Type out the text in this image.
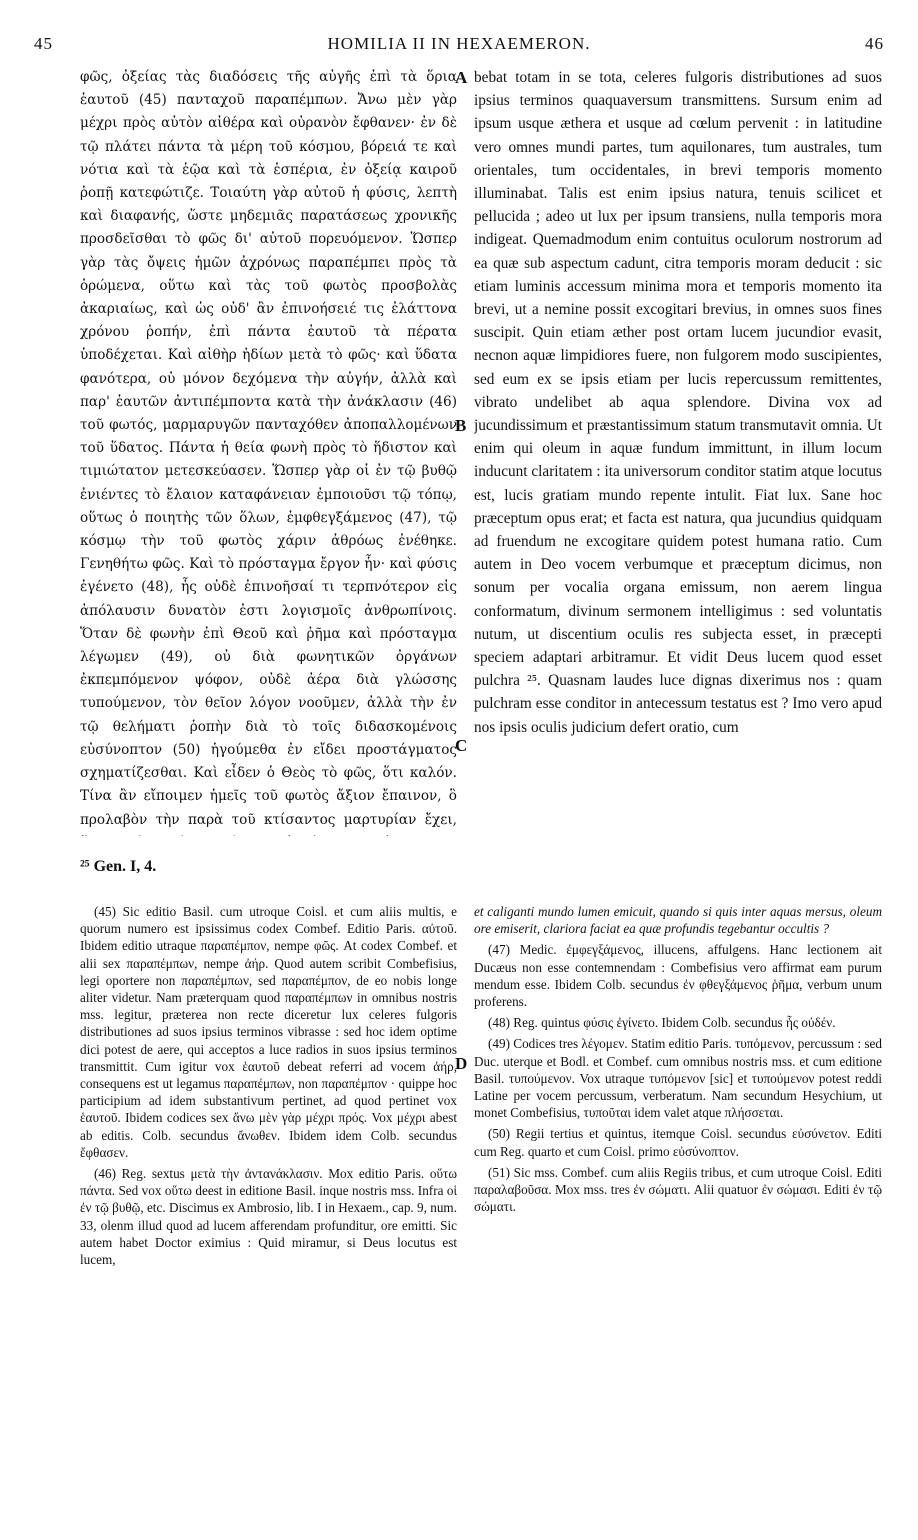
45	HOMILIA II IN HEXAEMERON.	46

φῶς, ὀξείας τὰς διαδόσεις τῆς αὐγῆς ἐπὶ τὰ ὅρια ἑαυτοῦ (45) πανταχοῦ παραπέμπων. Ἄνω μὲν γὰρ μέχρι πρὸς αὐτὸν αἰθέρα καὶ οὐρανὸν ἔφθανεν· ἐν δὲ τῷ πλάτει πάντα τὰ μέρη τοῦ κόσμου, βόρειά τε καὶ νότια καὶ τὰ ἑῷα καὶ τὰ ἑσπέρια, ἐν ὀξείᾳ καιροῦ ῥοπῇ κατεφώτιζε. Τοιαύτη γὰρ αὐτοῦ ἡ φύσις, λεπτὴ καὶ διαφανής, ὥστε μηδεμιᾶς παρατάσεως χρονικῆς προσδεῖσθαι τὸ φῶς δι' αὐτοῦ πορευόμενον. Ὥσπερ γὰρ τὰς ὄψεις ἡμῶν ἀχρόνως παραπέμπει πρὸς τὰ ὁρώμενα, οὕτω καὶ τὰς τοῦ φωτὸς προσβολὰς ἀκαριαίως, καὶ ὡς οὐδ' ἂν ἐπινοήσειέ τις ἐλάττονα χρόνου ῥοπήν, ἐπὶ πάντα ἑαυτοῦ τὰ πέρατα ὑποδέχεται. Καὶ αἰθὴρ ἡδίων μετὰ τὸ φῶς· καὶ ὕδατα φανότερα, οὐ μόνον δεχόμενα τὴν αὐγήν, ἀλλὰ καὶ παρ' ἑαυτῶν ἀντιπέμποντα κατὰ τὴν ἀνάκλασιν (46) τοῦ φωτός, μαρμαρυγῶν πανταχόθεν ἀποπαλλομένων τοῦ ὕδατος. Πάντα ἡ θεία φωνὴ πρὸς τὸ ἥδιστον καὶ τιμιώτατον μετεσκεύασεν. Ὥσπερ γὰρ οἱ ἐν τῷ βυθῷ ἐνιέντες τὸ ἔλαιον καταφάνειαν ἐμποιοῦσι τῷ τόπῳ, οὕτως ὁ ποιητὴς τῶν ὅλων, ἐμφθεγξάμενος (47), τῷ κόσμῳ τὴν τοῦ φωτὸς χάριν ἀθρόως ἐνέθηκε. Γενηθήτω φῶς. Καὶ τὸ πρόσταγμα ἔργον ἦν· καὶ φύσις ἐγένετο (48), ἧς οὐδὲ ἐπινοῆσαί τι τερπνότερον εἰς ἀπόλαυσιν δυνατὸν ἐστι λογισμοῖς ἀνθρωπίνοις. Ὅταν δὲ φωνὴν ἐπὶ Θεοῦ καὶ ῥῆμα καὶ πρόσταγμα λέγωμεν (49), οὐ διὰ φωνητικῶν ὀργάνων ἐκπεμπόμενον ψόφον, οὐδὲ ἀέρα διὰ γλώσσης τυπούμενον, τὸν θεῖον λόγον νοοῦμεν, ἀλλὰ τὴν ἐν τῷ θελήματι ῥοπὴν διὰ τὸ τοῖς διδασκομένοις εὐσύνοπτον (50) ἡγούμεθα ἐν εἴδει προστάγματος σχηματίζεσθαι. Καὶ εἶδεν ὁ Θεὸς τὸ φῶς, ὅτι καλόν. Τίνα ἂν εἴποιμεν ἡμεῖς τοῦ φωτὸς ἄξιον ἔπαινον, ὃ προλαβὸν τὴν παρὰ τοῦ κτίσαντος μαρτυρίαν ἔχει,

A
B
C
D

bebat totam in se tota, celeres fulgoris distributiones ad suos ipsius terminos quaquaversum transmittens. Sursum enim ad ipsum usque æthera et usque ad cœlum pervenit : in latitudine vero omnes mundi partes, tum aquilonares, tum australes, tum orientales, tum occidentales, in brevi temporis momento illuminabat. Talis est enim ipsius natura, tenuis scilicet et pellucida ; adeo ut lux per ipsum transiens, nulla temporis mora indigeat. Quemadmodum enim contuitus oculorum nostrorum ad ea quæ sub aspectum cadunt, citra temporis moram deducit : sic etiam luminis accessum minima mora et temporis momento ita brevi, ut a nemine possit excogitari brevius, in omnes suos fines suscipit. Quin etiam æther post ortam lucem jucundior evasit, necnon aquæ limpidiores fuere, non fulgorem modo suscipientes, sed eum ex se ipsis etiam per lucis repercussum remittentes, vibrato undelibet ab aqua splendore. Divina vox ad jucundissimum et præstantissimum statum transmutavit omnia. Ut enim qui oleum in aquæ fundum immittunt, in illum locum inducunt claritatem : ita universorum conditor statim atque locutus est, lucis gratiam mundo repente intulit. Fiat lux. Sane hoc præceptum opus erat; et facta est natura, qua jucundius quidquam ad fruendum ne excogitare quidem potest humana ratio. Cum autem in Deo vocem verbumque et præceptum dicimus, non sonum per vocalia organa emissum, non aerem lingua conformatum, divinum sermonem intelligimus : sed voluntatis nutum, ut discentium oculis res subjecta esset, in præcepti speciem adaptari arbitramur. Et vidit Deus lucem quod esset pulchra ²⁵. Quasnam laudes luce dignas dixerimus nos : quam pulchram esse conditor in antecessum testatus est ? Imo vero apud nos ipsis oculis judicium defert oratio, cum

²⁵ Gen. I, 4.

(45) Sic editio Basil. cum utroque Coisl. et cum aliis multis, e quorum numero est ipsissimus codex Combef. Editio Paris. αὐτοῦ. Ibidem editio utraque παραπέμπον, nempe φῶς. At codex Combef. et alii sex παραπέμπων, nempe ἀήρ. Quod autem scribit Combefisius, legi oportere non παραπέμπων, sed παραπέμπον, de eo nobis longe aliter videtur. Nam præterquam quod παραπέμπων in omnibus nostris mss. legitur, præterea non recte diceretur lux celeres fulgoris distributiones ad suos ipsius terminos vibrasse : sed hoc idem optime dici potest de aere, qui acceptos a luce radios in suos ipsius terminos transmittit. Cum igitur vox ἑαυτοῦ debeat referri ad vocem ἀήρ, consequens est ut legamus παραπέμπων, non παραπέμπον · quippe hoc participium ad idem substantivum pertinet, ad quod pertinet vox ἑαυτοῦ. Ibidem codices sex ἄνω μὲν γὰρ μέχρι πρός. Vox μέχρι abest ab editis. Colb. secundus ἄνωθεν. Ibidem idem Colb. secundus ἔφθασεν.

(46) Reg. sextus μετὰ τὴν ἀντανάκλασιν. Mox editio Paris. οὕτω πάντα. Sed vox οὕτω deest in editione Basil. inque nostris mss. Infra οἱ ἐν τῷ βυθῷ, etc. Discimus ex Ambrosio, lib. I in Hexaem., cap. 9, num. 33, olenm illud quod ad lucem afferendam profunditur, ore emitti. Sic autem habet Doctor eximius : Quid miramur, si Deus locutus est lucem,

et caliganti mundo lumen emicuit, quando si quis inter aquas mersus, oleum ore emiserit, clariora faciat ea quæ profundis tegebantur occultis ?

(47) Medic. ἐμφεγξάμενος, illucens, affulgens. Hanc lectionem ait Ducæus non esse contemnendam : Combefisius vero affirmat eam purum mendum esse. Ibidem Colb. secundus ἐν φθεγξάμενος ῥῆμα, verbum unum proferens.

(48) Reg. quintus φύσις ἐγίνετο. Ibidem Colb. secundus ἧς οὐδέν.

(49) Codices tres λέγομεν. Statim editio Paris. τυπόμενον, percussum : sed Duc. uterque et Bodl. et Combef. cum omnibus nostris mss. et cum editione Basil. τυπούμενον. Vox utraque τυπόμενον [sic] et τυπούμενον potest reddi Latine per vocem percussum, verberatum. Nam secundum Hesychium, ut monet Combefisius, τυποῦται idem valet atque πλήσσεται.

(50) Regii tertius et quintus, itemque Coisl. secundus εὐσύνετον. Editi cum Reg. quarto et cum Coisl. primo εὐσύνοπτον.

(51) Sic mss. Combef. cum aliis Regiis tribus, et cum utroque Coisl. Editi παραλαβοῦσα. Mox mss. tres ἐν σώματι. Alii quatuor ἐν σώμασι. Editi ἐν τῷ σώματι.
